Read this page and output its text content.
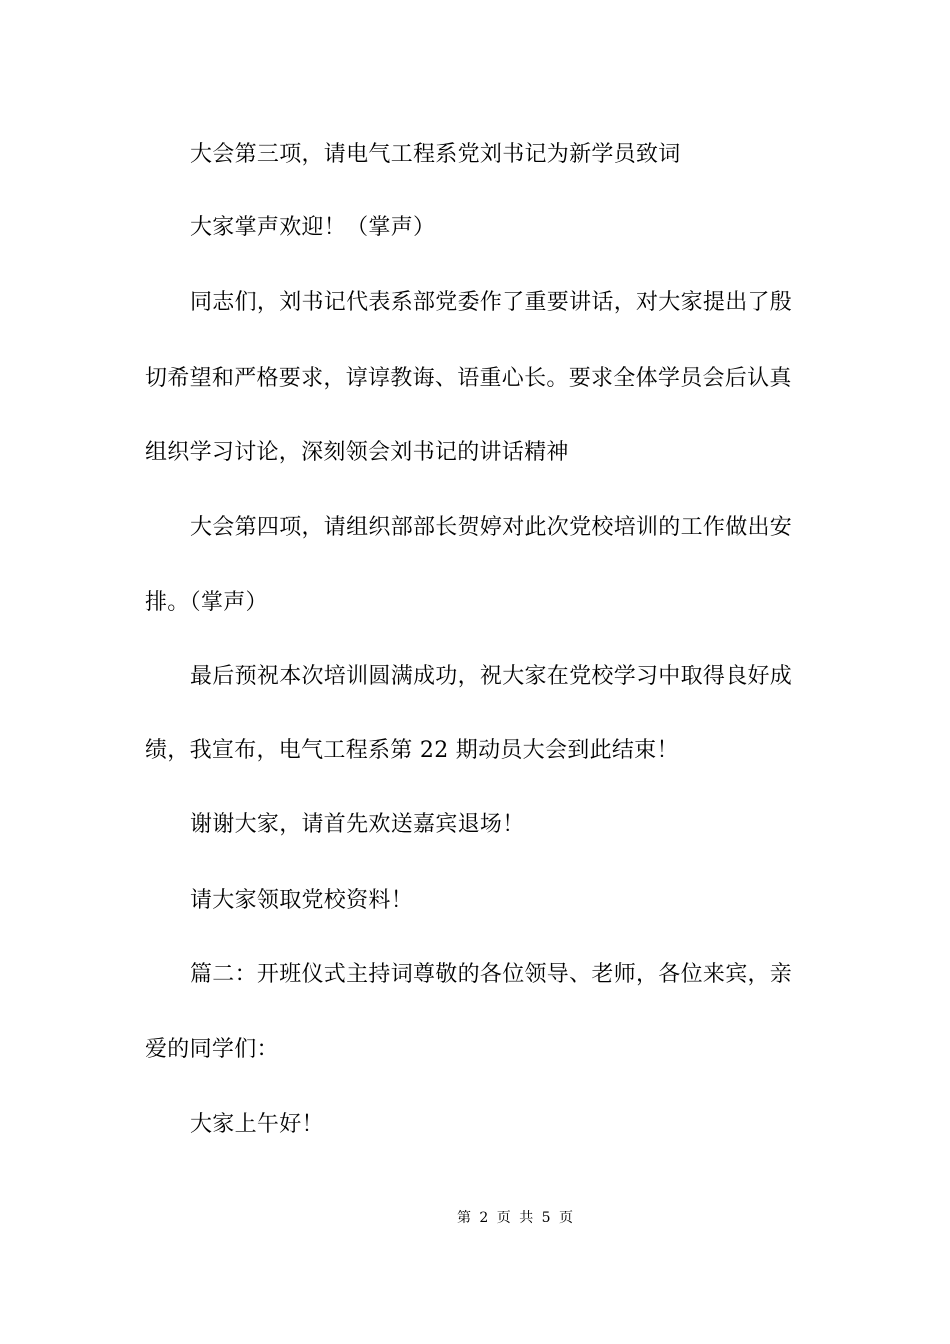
大会第三项，请电气工程系党刘书记为新学员致词
大家掌声欢迎！（掌声）
同志们，刘书记代表系部党委作了重要讲话，对大家提出了殷
切希望和严格要求，谆谆教诲、语重心长。要求全体学员会后认真
组织学习讨论，深刻领会刘书记的讲话精神
大会第四项，请组织部部长贺婷对此次党校培训的工作做出安
排。（掌声）
最后预祝本次培训圆满成功，祝大家在党校学习中取得良好成
绩，我宣布，电气工程系第 22 期动员大会到此结束！
谢谢大家，请首先欢送嘉宾退场！
请大家领取党校资料！
篇二：开班仪式主持词尊敬的各位领导、老师，各位来宾，亲
爱的同学们：
大家上午好！
第 2 页 共 5 页
